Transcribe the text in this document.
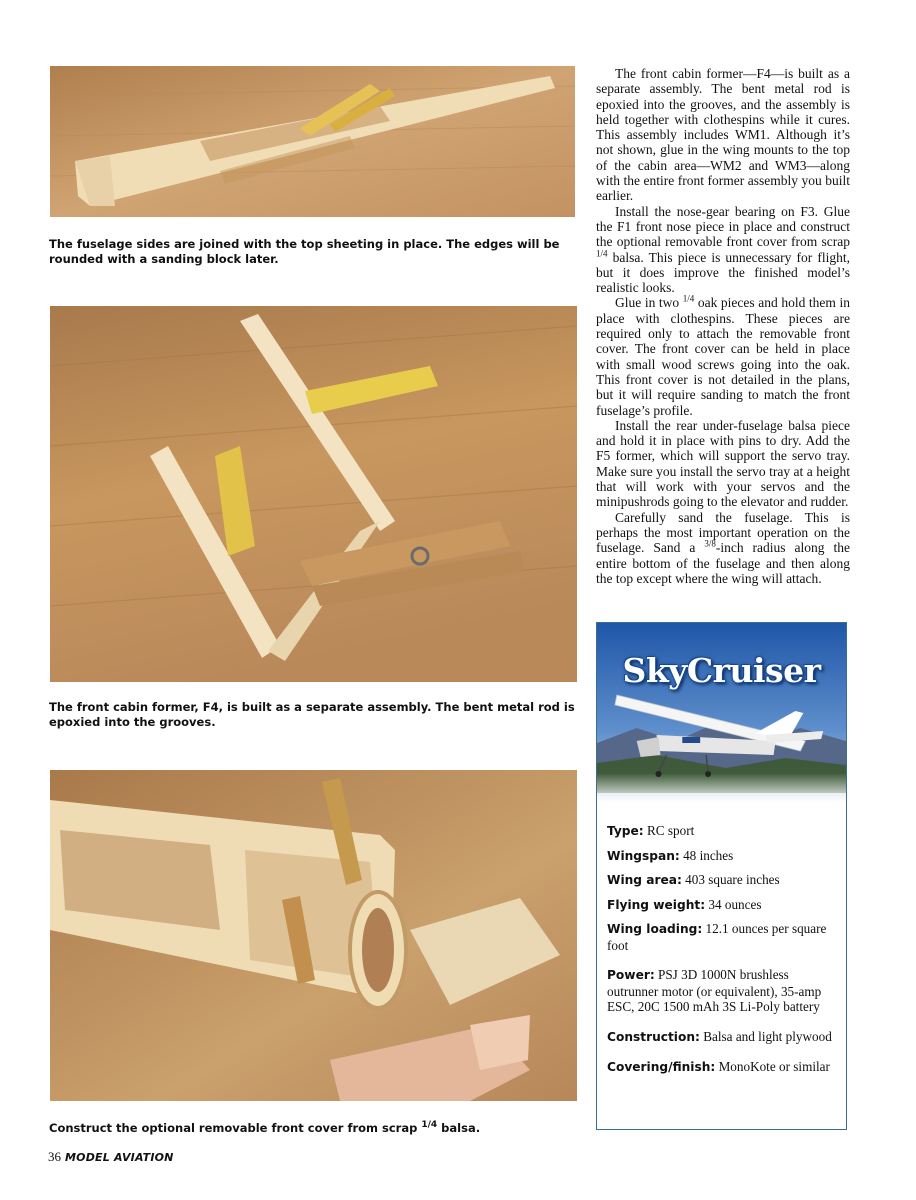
The fuselage sides are joined with the top sheeting in place. The edges will be rounded with a sanding block later.
The front cabin former, F4, is built as a separate assembly. The bent metal rod is epoxied into the grooves.
Construct the optional removable front cover from scrap $^{1/4}$ balsa.

The front cabin former—F4—is built as a separate assembly. The bent metal rod is epoxied into the grooves, and the assembly is held together with clothespins while it cures. This assembly includes WM1. Although it’s not shown, glue in the wing mounts to the top of the cabin area—WM2 and WM3—along with the entire front former assembly you built earlier.

Install the nose-gear bearing on F3. Glue the F1 front nose piece in place and construct the optional removable front cover from scrap $^{1/4}$ balsa. This piece is unnecessary for flight, but it does improve the finished model’s realistic looks.

Glue in two $^{1/4}$ oak pieces and hold them in place with clothespins. These pieces are required only to attach the removable front cover. The front cover can be held in place with small wood screws going into the oak. This front cover is not detailed in the plans, but it will require sanding to match the front fuselage’s profile.

Install the rear under-fuselage balsa piece and hold it in place with pins to dry. Add the F5 former, which will support the servo tray. Make sure you install the servo tray at a height that will work with your servos and the minipushrods going to the elevator and rudder.

Carefully sand the fuselage. This is perhaps the most important operation on the fuselage. Sand a $^{3/8}$-inch radius along the entire bottom of the fuselage and then along the top except where the wing will attach.

SkyCruiser
Type: RC sport
Wingspan: 48 inches
Wing area: 403 square inches
Flying weight: 34 ounces
Wing loading: 12.1 ounces per square foot
Power: PSJ 3D 1000N brushless outrunner motor (or equivalent), 35-amp ESC, 20C 1500 mAh 3S Li-Poly battery
Construction: Balsa and light plywood
Covering/finish: MonoKote or similar
36 MODEL AVIATION
